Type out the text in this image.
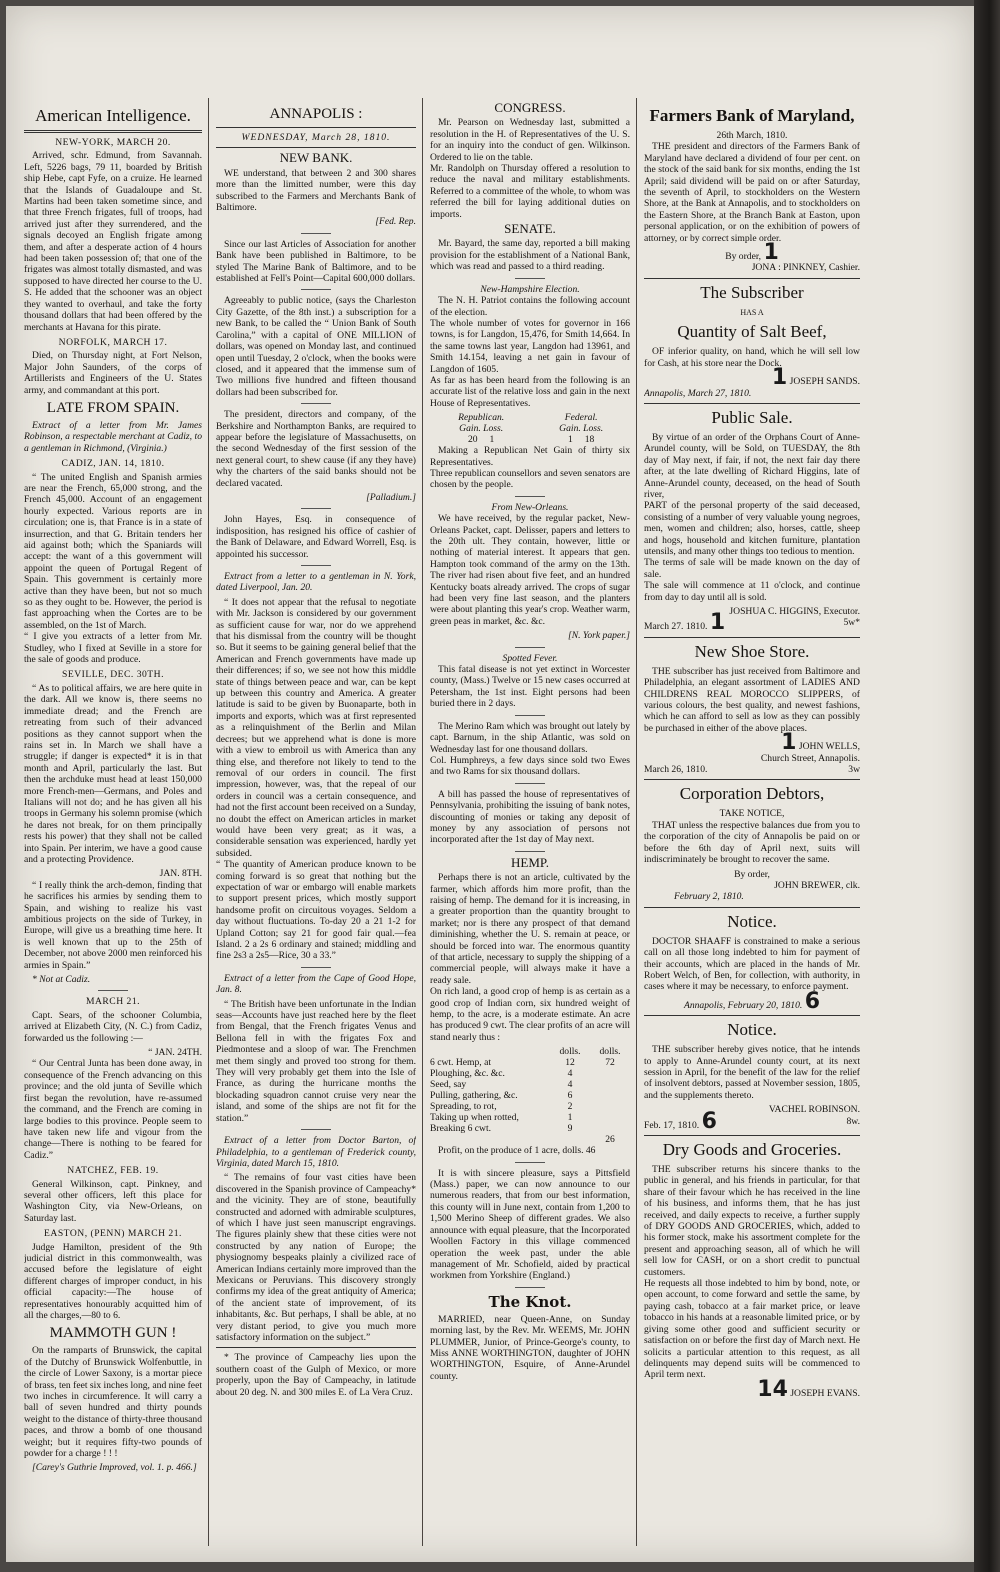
American Intelligence.
NEW-YORK, MARCH 20.

Arrived, schr. Edmund, from Savannah. Left, 5226 bags, 79 11, boarded by British ship Hebe, capt Fyfe, on a cruize. He learned that the Islands of Guadaloupe and St. Martins had been taken sometime since, and that three French frigates, full of troops, had arrived just after they surrendered, and the signals decoyed an English frigate among them, and after a desperate action of 4 hours had been taken possession of; that one of the frigates was almost totally dismasted, and was supposed to have directed her course to the U. S. He added that the schooner was an object they wanted to overhaul, and take the forty thousand dollars that had been offered by the merchants at Havana for this pirate.

NORFOLK, MARCH 17.

Died, on Thursday night, at Fort Nelson, Major John Saunders, of the corps of Artillerists and Engineers of the U. States army, and commandant at this port.

LATE FROM SPAIN.

Extract of a letter from Mr. James Robinson, a respectable merchant at Cadiz, to a gentleman in Richmond, (Virginia.)

CADIZ, JAN. 14, 1810.

“ The united English and Spanish armies are near the French, 65,000 strong, and the French 45,000. Account of an engagement hourly expected. Various reports are in circulation; one is, that France is in a state of insurrection, and that G. Britain tenders her aid against both; which the Spaniards will accept: the want of a this government will appoint the queen of Portugal Regent of Spain. This government is certainly more active than they have been, but not so much so as they ought to be. However, the period is fast approaching when the Cortes are to be assembled, on the 1st of March.
“ I give you extracts of a letter from Mr. Studley, who I fixed at Seville in a store for the sale of goods and produce.

SEVILLE, DEC. 30TH.

“ As to political affairs, we are here quite in the dark. All we know is, there seems no immediate dread; and the French are retreating from such of their advanced positions as they cannot support when the rains set in. In March we shall have a struggle; if danger is expected* it is in that month and April, particularly the last. But then the archduke must head at least 150,000 more French-men—Germans, and Poles and Italians will not do; and he has given all his troops in Germany his solemn promise (which he dares not break, for on them principally rests his power) that they shall not be called into Spain. Per interim, we have a good cause and a protecting Providence.

JAN. 8TH.

“ I really think the arch-demon, finding that he sacrifices his armies by sending them to Spain, and wishing to realize his vast ambitious projects on the side of Turkey, in Europe, will give us a breathing time here. It is well known that up to the 25th of December, not above 2000 men reinforced his armies in Spain.”

* Not at Cadiz.

MARCH 21.

Capt. Sears, of the schooner Columbia, arrived at Elizabeth City, (N. C.) from Cadiz, forwarded us the following :—

“ JAN. 24TH.

“ Our Central Junta has been done away, in consequence of the French advancing on this province; and the old junta of Seville which first began the revolution, have re-assumed the command, and the French are coming in large bodies to this province. People seem to have taken new life and vigour from the change—There is nothing to be feared for Cadiz.”

NATCHEZ, FEB. 19.

General Wilkinson, capt. Pinkney, and several other officers, left this place for Washington City, via New-Orleans, on Saturday last.

EASTON, (PENN) MARCH 21.

Judge Hamilton, president of the 9th judicial district in this commonwealth, was accused before the legislature of eight different charges of improper conduct, in his official capacity:—The house of representatives honourably acquitted him of all the charges,—80 to 6.

MAMMOTH GUN !

On the ramparts of Brunswick, the capital of the Dutchy of Brunswick Wolfenbuttle, in the circle of Lower Saxony, is a mortar piece of brass, ten feet six inches long, and nine feet two inches in circumference. It will carry a ball of seven hundred and thirty pounds weight to the distance of thirty-three thousand paces, and throw a bomb of one thousand weight; but it requires fifty-two pounds of powder for a charge ! ! !

[Carey's Guthrie Improved, vol. 1. p. 466.]

ANNAPOLIS :
WEDNESDAY, March 28, 1810.
NEW BANK.

WE understand, that between 2 and 300 shares more than the limitted number, were this day subscribed to the Farmers and Merchants Bank of Baltimore.

[Fed. Rep.

Since our last Articles of Association for another Bank have been published in Baltimore, to be styled The Marine Bank of Baltimore, and to be established at Fell's Point—Capital 600,000 dollars.

Agreeably to public notice, (says the Charleston City Gazette, of the 8th inst.) a subscription for a new Bank, to be called the “ Union Bank of South Carolina,” with a capital of ONE MILLION of dollars, was opened on Monday last, and continued open until Tuesday, 2 o'clock, when the books were closed, and it appeared that the immense sum of Two millions five hundred and fifteen thousand dollars had been subscribed for.

The president, directors and company, of the Berkshire and Northampton Banks, are required to appear before the legislature of Massachusetts, on the second Wednesday of the first session of the next general court, to shew cause (if any they have) why the charters of the said banks should not be declared vacated.

[Palladium.]

John Hayes, Esq. in consequence of indisposition, has resigned his office of cashier of the Bank of Delaware, and Edward Worrell, Esq. is appointed his successor.

Extract from a letter to a gentleman in N. York, dated Liverpool, Jan. 20.

“ It does not appear that the refusal to negotiate with Mr. Jackson is considered by our government as sufficient cause for war, nor do we apprehend that his dismissal from the country will be thought so. But it seems to be gaining general belief that the American and French governments have made up their differences; if so, we see not how this middle state of things between peace and war, can be kept up between this country and America. A greater latitude is said to be given by Buonaparte, both in imports and exports, which was at first represented as a relinquishment of the Berlin and Milan decrees; but we apprehend what is done is more with a view to embroil us with America than any thing else, and therefore not likely to tend to the removal of our orders in council. The first impression, however, was, that the repeal of our orders in council was a certain consequence, and had not the first account been received on a Sunday, no doubt the effect on American articles in market would have been very great; as it was, a considerable sensation was experienced, hardly yet subsided.
“ The quantity of American produce known to be coming forward is so great that nothing but the expectation of war or embargo will enable markets to support present prices, which mostly support handsome profit on circuitous voyages. Seldom a day without fluctuations. To-day 20 a 21 1-2 for Upland Cotton; say 21 for good fair qual.—fea Island. 2 a 2s 6 ordinary and stained; middling and fine 2s3 a 2s5—Rice, 30 a 33.”

Extract of a letter from the Cape of Good Hope, Jan. 8.

“ The British have been unfortunate in the Indian seas—Accounts have just reached here by the fleet from Bengal, that the French frigates Venus and Bellona fell in with the frigates Fox and Piedmontese and a sloop of war. The Frenchmen met them singly and proved too strong for them. They will very probably get them into the Isle of France, as during the hurricane months the blockading squadron cannot cruise very near the island, and some of the ships are not fit for the station.”

Extract of a letter from Doctor Barton, of Philadelphia, to a gentleman of Frederick county, Virginia, dated March 15, 1810.

“ The remains of four vast cities have been discovered in the Spanish province of Campeachy* and the vicinity. They are of stone, beautifully constructed and adorned with admirable sculptures, of which I have just seen manuscript engravings. The figures plainly shew that these cities were not constructed by any nation of Europe; the physiognomy bespeaks plainly a civilized race of American Indians certainly more improved than the Mexicans or Peruvians. This discovery strongly confirms my idea of the great antiquity of America; of the ancient state of improvement, of its inhabitants, &c. But perhaps, I shall be able, at no very distant period, to give you much more satisfactory information on the subject.”

* The province of Campeachy lies upon the southern coast of the Gulph of Mexico, or more properly, upon the Bay of Campeachy, in latitude about 20 deg. N. and 300 miles E. of La Vera Cruz.

CONGRESS.

Mr. Pearson on Wednesday last, submitted a resolution in the H. of Representatives of the U. S. for an inquiry into the conduct of gen. Wilkinson. Ordered to lie on the table.
Mr. Randolph on Thursday offered a resolution to reduce the naval and military establishments. Referred to a committee of the whole, to whom was referred the bill for laying additional duties on imports.

SENATE.

Mr. Bayard, the same day, reported a bill making provision for the establishment of a National Bank, which was read and passed to a third reading.

New-Hampshire Election.

The N. H. Patriot contains the following account of the election.
The whole number of votes for governor in 166 towns, is for Langdon, 15,476, for Smith 14,664. In the same towns last year, Langdon had 13961, and Smith 14.154, leaving a net gain in favour of Langdon of 1605.
As far as has been heard from the following is an accurate list of the relative loss and gain in the next House of Representatives.

Republican.	Federal.
Gain. Loss.	Gain. Loss.
20     1	1     18

Making a Republican Net Gain of thirty six Representatives.
Three republican counsellors and seven senators are chosen by the people.

From New-Orleans.

We have received, by the regular packet, New-Orleans Packet, capt. Delisser, papers and letters to the 20th ult. They contain, however, little or nothing of material interest. It appears that gen. Hampton took command of the army on the 13th. The river had risen about five feet, and an hundred Kentucky boats already arrived. The crops of sugar had been very fine last season, and the planters were about planting this year's crop. Weather warm, green peas in market, &c. &c.

[N. York paper.]
Spotted Fever.

This fatal disease is not yet extinct in Worcester county, (Mass.) Twelve or 15 new cases occurred at Petersham, the 1st inst. Eight persons had been buried there in 2 days.

The Merino Ram which was brought out lately by capt. Barnum, in the ship Atlantic, was sold on Wednesday last for one thousand dollars.
Col. Humphreys, a few days since sold two Ewes and two Rams for six thousand dollars.

A bill has passed the house of representatives of Pennsylvania, prohibiting the issuing of bank notes, discounting of monies or taking any deposit of money by any association of persons not incorporated after the 1st day of May next.

HEMP.

Perhaps there is not an article, cultivated by the farmer, which affords him more profit, than the raising of hemp. The demand for it is increasing, in a greater proportion than the quantity brought to market; nor is there any prospect of that demand diminishing, whether the U. S. remain at peace, or should be forced into war. The enormous quantity of that article, necessary to supply the shipping of a commercial people, will always make it have a ready sale.
On rich land, a good crop of hemp is as certain as a good crop of Indian corn, six hundred weight of hemp, to the acre, is a moderate estimate. An acre has produced 9 cwt. The clear profits of an acre will stand nearly thus :

	dolls.	dolls.
6 cwt. Hemp, at	12	72
Ploughing, &c. &c.	4	
Seed, say	4	
Pulling, gathering, &c.	6	
Spreading, to rot,	2	
Taking up when rotted,	1	
Breaking 6 cwt.	9	
		26

Profit, on the produce of 1 acre, dolls. 46

It is with sincere pleasure, says a Pittsfield (Mass.) paper, we can now announce to our numerous readers, that from our best information, this county will in June next, contain from 1,200 to 1,500 Merino Sheep of different grades. We also announce with equal pleasure, that the Incorporated Woollen Factory in this village commenced operation the week past, under the able management of Mr. Schofield, aided by practical workmen from Yorkshire (England.)

The Knot.

MARRIED, near Queen-Anne, on Sunday morning last, by the Rev. Mr. WEEMS, Mr. JOHN PLUMMER, Junior, of Prince-George's county, to Miss ANNE WORTHINGTON, daughter of JOHN WORTHINGTON, Esquire, of Anne-Arundel county.

Farmers Bank of Maryland,
26th March, 1810.

THE president and directors of the Farmers Bank of Maryland have declared a dividend of four per cent. on the stock of the said bank for six months, ending the 1st April; said dividend will be paid on or after Saturday, the seventh of April, to stockholders on the Western Shore, at the Bank at Annapolis, and to stockholders on the Eastern Shore, at the Branch Bank at Easton, upon personal application, or on the exhibition of powers of attorney, or by correct simple order.

By order, 1
JONA : PINKNEY, Cashier.
The Subscriber
HAS A
Quantity of Salt Beef,

OF inferior quality, on hand, which he will sell low for Cash, at his store near the Dock.

1 JOSEPH SANDS.
Annapolis, March 27, 1810.
Public Sale.

By virtue of an order of the Orphans Court of Anne-Arundel county, will be Sold, on TUESDAY, the 8th day of May next, if fair, if not, the next fair day there after, at the late dwelling of Richard Higgins, late of Anne-Arundel county, deceased, on the head of South river,
PART of the personal property of the said deceased, consisting of a number of very valuable young negroes, men, women and children; also, horses, cattle, sheep and hogs, household and kitchen furniture, plantation utensils, and many other things too tedious to mention.
The terms of sale will be made known on the day of sale.
The sale will commence at 11 o'clock, and continue from day to day until all is sold.

JOSHUA C. HIGGINS, Executor.
March 27. 1810. 1	5w*
New Shoe Store.

THE subscriber has just received from Baltimore and Philadelphia, an elegant assortment of LADIES AND CHILDRENS REAL MOROCCO SLIPPERS, of various colours, the best quality, and newest fashions, which he can afford to sell as low as they can possibly be purchased in either of the above places.

1 JOHN WELLS,
Church Street, Annapolis.
March 26, 1810.	3w
Corporation Debtors,
TAKE NOTICE,

THAT unless the respective balances due from you to the corporation of the city of Annapolis be paid on or before the 6th day of April next, suits will indiscriminately be brought to recover the same.

By order,
JOHN BREWER, clk.
February 2, 1810.
Notice.

DOCTOR SHAAFF is constrained to make a serious call on all those long indebted to him for payment of their accounts, which are placed in the hands of Mr. Robert Welch, of Ben, for collection, with authority, in cases where it may be necessary, to enforce payment.

Annapolis, February 20, 1810. 6
Notice.

THE subscriber hereby gives notice, that he intends to apply to Anne-Arundel county court, at its next session in April, for the benefit of the law for the relief of insolvent debtors, passed at November session, 1805, and the supplements thereto.

VACHEL ROBINSON.
Feb. 17, 1810. 6	8w.
Dry Goods and Groceries.

THE subscriber returns his sincere thanks to the public in general, and his friends in particular, for that share of their favour which he has received in the line of his business, and informs them, that he has just received, and daily expects to receive, a further supply of DRY GOODS AND GROCERIES, which, added to his former stock, make his assortment complete for the present and approaching season, all of which he will sell low for CASH, or on a short credit to punctual customers.
He requests all those indebted to him by bond, note, or open account, to come forward and settle the same, by paying cash, tobacco at a fair market price, or leave tobacco in his hands at a reasonable limited price, or by giving some other good and sufficient security or satisfaction on or before the first day of March next. He solicits a particular attention to this request, as all delinquents may depend suits will be commenced to April term next.

14 JOSEPH EVANS.
